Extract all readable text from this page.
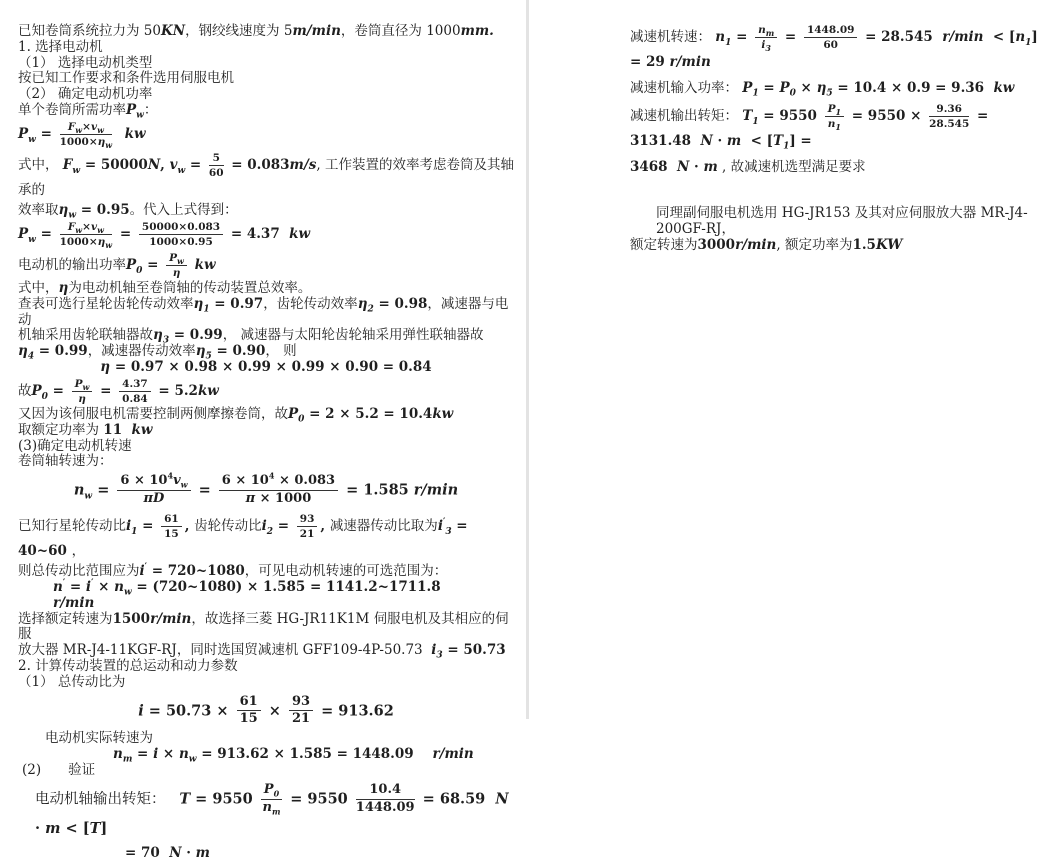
已知卷筒系统拉力为 50KN，钢绞线速度为 5m/min，卷筒直径为 1000mm.
1. 选择电动机
（1） 选择电动机类型
按已知工作要求和条件选用伺服电机
（2） 确定电动机功率
单个卷筒所需功率$P_w$：
$P_w = \frac{F_w\times v_w}{1000\times\eta_w}$ kw
式中， $F_w = 50000N$, $v_w = \frac{5}{60} = 0.083m/s$, 工作装置的效率考虑卷筒及其轴承的
效率取$\eta_w = 0.95$。代入上式得到：
$P_w = \frac{F_w\times v_w}{1000\times\eta_w} = \frac{50000\times 0.083}{1000\times 0.95} = 4.37$  kw
电动机的输出功率$P_0 = \frac{P_w}{\eta}$ kw
式中，η为电动机轴至卷筒轴的传动装置总效率。
查表可选行星轮齿轮传动效率$\eta_1 = 0.97$，齿轮传动效率$\eta_2 = 0.98$，减速器与电动
机轴采用齿轮联轴器故$\eta_3 = 0.99$， 减速器与太阳轮齿轮轴采用弹性联轴器故
$\eta_4 = 0.99$，减速器传动效率$\eta_5 = 0.90$， 则
η = 0.97 × 0.98 × 0.99 × 0.99 × 0.90 = 0.84
故$P_0 = \frac{P_w}{\eta} = \frac{4.37}{0.84} = 5.2kw$
又因为该伺服电机需要控制两侧摩擦卷筒，故$P_0 = 2 \times 5.2 = 10.4kw$
取额定功率为 11  kw
(3)确定电动机转速
卷筒轴转速为：
$n_w = \frac{6 \times 10^4v_w}{\pi D} = \frac{6 \times 10^4 \times 0.083}{\pi \times 1000} = 1.585$ r/min
已知行星轮传动比$i_1 = \frac{61}{15}$ , 齿轮传动比$i_2 = \frac{93}{21}$ , 减速器传动比取为$i'_3$ = 40~60 ，
则总传动比范围应为i′ = 720~1080，可见电动机转速的可选范围为：
$n' = i' \times n_w$ = (720~1080) × 1.585 = 1141.2~1711.8        r/min
选择额定转速为1500r/min，故选择三菱 HG-JR11K1M 伺服电机及其相应的伺服
放大器 MR-J4-11KGF-RJ，同时选国贸减速机 GFF109-4P-50.73  $i_3 = 50.73$
2. 计算传动装置的总运动和动力参数
（1） 总传动比为
$i = 50.73 \times \frac{61}{15} \times \frac{93}{21} = 913.62$
电动机实际转速为
$n_m = i \times n_w = 913.62 \times 1.585 = 1448.09$    r/min
(2)　　验证
电动机轴输出转矩：   $T = 9550 \frac{P_0}{n_m} = 9550 \frac{10.4}{1448.09} = 68.59$  N · m < [T]
= 70  N · m
减速机转速： $n_1 = \frac{n_m}{i_3} = \frac{1448.09}{60} = 28.545$  $r/\min < [n_1] = 29$ r/min
减速机输入功率： $P_1 = P_0 \times \eta_5 = 10.4 \times 0.9 = 9.36$  kw
减速机输出转矩： $T_1 = 9550 \frac{P_1}{n_1} = 9550 \times \frac{9.36}{28.545} = 3131.48$  $N \cdot m < [T_1]$ =
3468  N · m , 故减速机选型满足要求
同理副伺服电机选用 HG-JR153 及其对应伺服放大器 MR-J4-200GF-RJ，
额定转速为3000r/min, 额定功率为1.5KW
